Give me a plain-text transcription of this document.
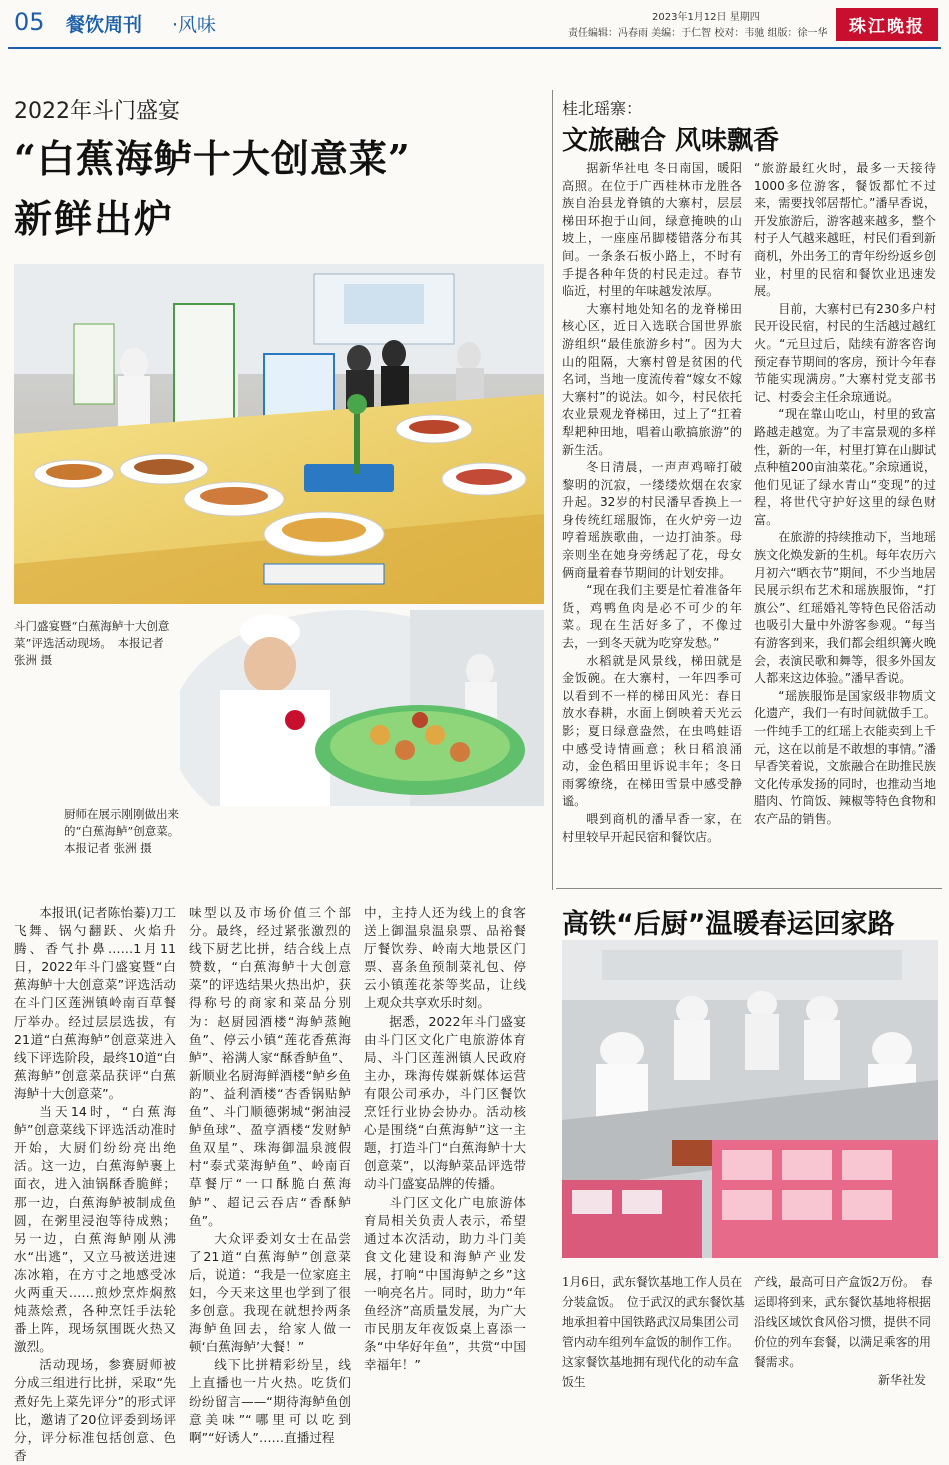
05 餐饮周刊 ·风味	2023年1月12日 星期四
责任编辑：冯春雨 美编：于仁智 校对：韦驰 组版：徐一华	珠江晚报
2022年斗门盛宴
“白蕉海鲈十大创意菜”
新鲜出炉
斗门盛宴暨“白蕉海鲈十大创意菜”评选活动现场。　本报记者 张洲 摄
厨师在展示刚刚做出来的“白蕉海鲈”创意菜。　本报记者 张洲 摄

本报讯(记者陈怡蓁)刀工飞舞、锅勺翻跃、火焰升腾、香气扑鼻……1月11日，2022年斗门盛宴暨“白蕉海鲈十大创意菜”评选活动在斗门区莲洲镇岭南百草餐厅举办。经过层层选拔，有21道“白蕉海鲈”创意菜进入线下评选阶段，最终10道“白蕉海鲈”创意菜品获评“白蕉海鲈十大创意菜”。

当天14时，“白蕉海鲈”创意菜线下评选活动准时开始，大厨们纷纷亮出绝活。这一边，白蕉海鲈裹上面衣，进入油锅酥香脆鲜；那一边，白蕉海鲈被制成鱼圆，在粥里浸泡等待成熟；另一边，白蕉海鲈刚从沸水“出逃”，又立马被送进速冻冰箱，在方寸之地感受冰火两重天……煎炒烹炸焖熬炖蒸烩煮，各种烹饪手法轮番上阵，现场氛围既火热又激烈。

活动现场，参赛厨师被分成三组进行比拼，采取“先煮好先上菜先评分”的形式评比，邀请了20位评委到场评分，评分标准包括创意、色香

味型以及市场价值三个部分。最终，经过紧张激烈的线下厨艺比拼，结合线上点赞数，“白蕉海鲈十大创意菜”的评选结果火热出炉，获得称号的商家和菜品分别为：赵厨园酒楼“海鲈蒸鲍鱼”、停云小镇“莲花香蕉海鲈”、裕满人家“酥香鲈鱼”、新顺业名厨海鲜酒楼“鲈乡鱼韵”、益利酒楼“杏香锅贴鲈鱼”、斗门顺德粥城“粥油浸鲈鱼球”、盈亨酒楼“发财鲈鱼双星”、珠海御温泉渡假村“泰式菜海鲈鱼”、岭南百草餐厅“一口酥脆白蕉海鲈”、超记云吞店“香酥鲈鱼”。

大众评委刘女士在品尝了21道“白蕉海鲈”创意菜后，说道：“我是一位家庭主妇，今天来这里也学到了很多创意。我现在就想拎两条海鲈鱼回去，给家人做一顿‘白蕉海鲈’大餐！”

线下比拼精彩纷呈，线上直播也一片火热。吃货们纷纷留言——“期待海鲈鱼创意美味”“哪里可以吃到啊”“好诱人”……直播过程

中，主持人还为线上的食客送上御温泉温泉票、品裕餐厅餐饮券、岭南大地景区门票、喜条鱼预制菜礼包、停云小镇莲花茶等奖品，让线上观众共享欢乐时刻。

据悉，2022年斗门盛宴由斗门区文化广电旅游体育局、斗门区莲洲镇人民政府主办，珠海传媒新媒体运营有限公司承办，斗门区餐饮烹饪行业协会协办。活动核心是围绕“白蕉海鲈”这一主题，打造斗门“白蕉海鲈十大创意菜”，以海鲈菜品评选带动斗门盛宴品牌的传播。

斗门区文化广电旅游体育局相关负责人表示，希望通过本次活动，助力斗门美食文化建设和海鲈产业发展，打响“中国海鲈之乡”这一响亮名片。同时，助力“年鱼经济”高质量发展，为广大市民朋友年夜饭桌上喜添一条“中华好年鱼”，共赏“中国幸福年！”

桂北瑶寨：
文旅融合 风味飘香

据新华社电 冬日南国，暖阳高照。在位于广西桂林市龙胜各族自治县龙脊镇的大寨村，层层梯田环抱于山间，绿意掩映的山坡上，一座座吊脚楼错落分布其间。一条条石板小路上，不时有手提各种年货的村民走过。春节临近，村里的年味越发浓厚。

大寨村地处知名的龙脊梯田核心区，近日入选联合国世界旅游组织“最佳旅游乡村”。因为大山的阻隔，大寨村曾是贫困的代名词，当地一度流传着“嫁女不嫁大寨村”的说法。如今，村民依托农业景观龙脊梯田，过上了“扛着犁耙种田地，唱着山歌搞旅游”的新生活。

冬日清晨，一声声鸡啼打破黎明的沉寂，一缕缕炊烟在农家升起。32岁的村民潘早香换上一身传统红瑶服饰，在火炉旁一边哼着瑶族歌曲，一边打油茶。母亲则坐在她身旁绣起了花，母女俩商量着春节期间的计划安排。

“现在我们主要是忙着准备年货，鸡鸭鱼肉是必不可少的年菜。现在生活好多了，不像过去，一到冬天就为吃穿发愁。”

水稻就是风景线，梯田就是金饭碗。在大寨村，一年四季可以看到不一样的梯田风光：春日放水春耕，水面上倒映着天光云影；夏日绿意盎然，在虫鸣蛙语中感受诗情画意；秋日稻浪涌动，金色稻田里诉说丰年；冬日雨雾缭绕，在梯田雪景中感受静谧。

喂到商机的潘早香一家，在村里较早开起民宿和餐饮店。

“旅游最红火时，最多一天接待1000多位游客，餐饭都忙不过来，需要找邻居帮忙。”潘早香说，开发旅游后，游客越来越多，整个村子人气越来越旺，村民们看到新商机，外出务工的青年纷纷返乡创业，村里的民宿和餐饮业迅速发展。

目前，大寨村已有230多户村民开设民宿，村民的生活越过越红火。“元旦过后，陆续有游客咨询预定春节期间的客房，预计今年春节能实现满房。”大寨村党支部书记、村委会主任余琼通说。

“现在靠山吃山，村里的致富路越走越宽。为了丰富景观的多样性，新的一年，村里打算在山脚试点种植200亩油菜花。”余琼通说，他们见证了绿水青山“变现”的过程，将世代守护好这里的绿色财富。

在旅游的持续推动下，当地瑶族文化焕发新的生机。每年农历六月初六“晒衣节”期间，不少当地居民展示织布艺术和瑶族服饰，“打旗公”、红瑶婚礼等特色民俗活动也吸引大量中外游客参观。“每当有游客到来，我们都会组织篝火晚会，表演民歌和舞等，很多外国友人都来这边体验。”潘早香说。

“瑶族服饰是国家级非物质文化遗产，我们一有时间就做手工。一件纯手工的红瑶上衣能卖到上千元，这在以前是不敢想的事情。”潘早香笑着说，文旅融合在助推民族文化传承发扬的同时，也推动当地腊肉、竹筒饭、辣椒等特色食物和农产品的销售。

高铁“后厨”温暖春运回家路
1月6日，武东餐饮基地工作人员在分装盒饭。　位于武汉的武东餐饮基地承担着中国铁路武汉局集团公司管内动车组列车盒饭的制作工作。这家餐饮基地拥有现代化的动车盒饭生
产线，最高可日产盒饭2万份。　春运即将到来，武东餐饮基地将根据沿线区域饮食风俗习惯，提供不同价位的列车套餐，以满足乘客的用餐需求。
新华社发
